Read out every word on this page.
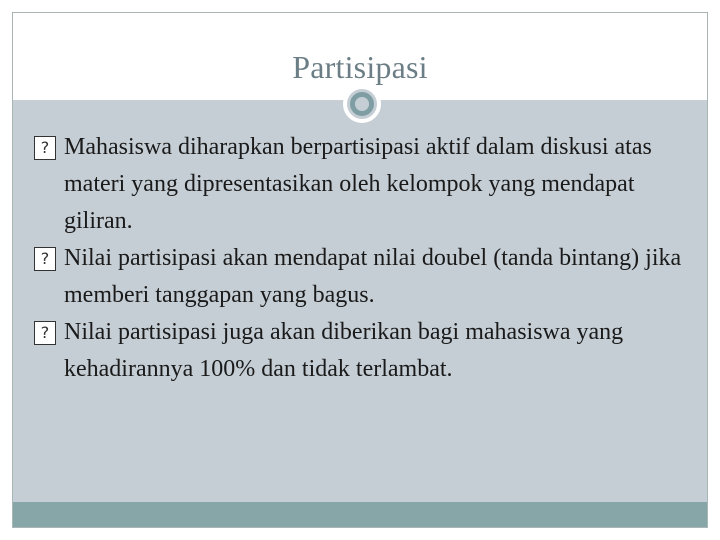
Partisipasi
? Mahasiswa diharapkan berpartisipasi aktif dalam diskusi atas materi yang dipresentasikan oleh kelompok yang mendapat giliran.
? Nilai partisipasi akan mendapat nilai doubel (tanda bintang) jika memberi tanggapan yang bagus.
? Nilai partisipasi juga akan diberikan bagi mahasiswa yang kehadirannya 100% dan tidak terlambat.
